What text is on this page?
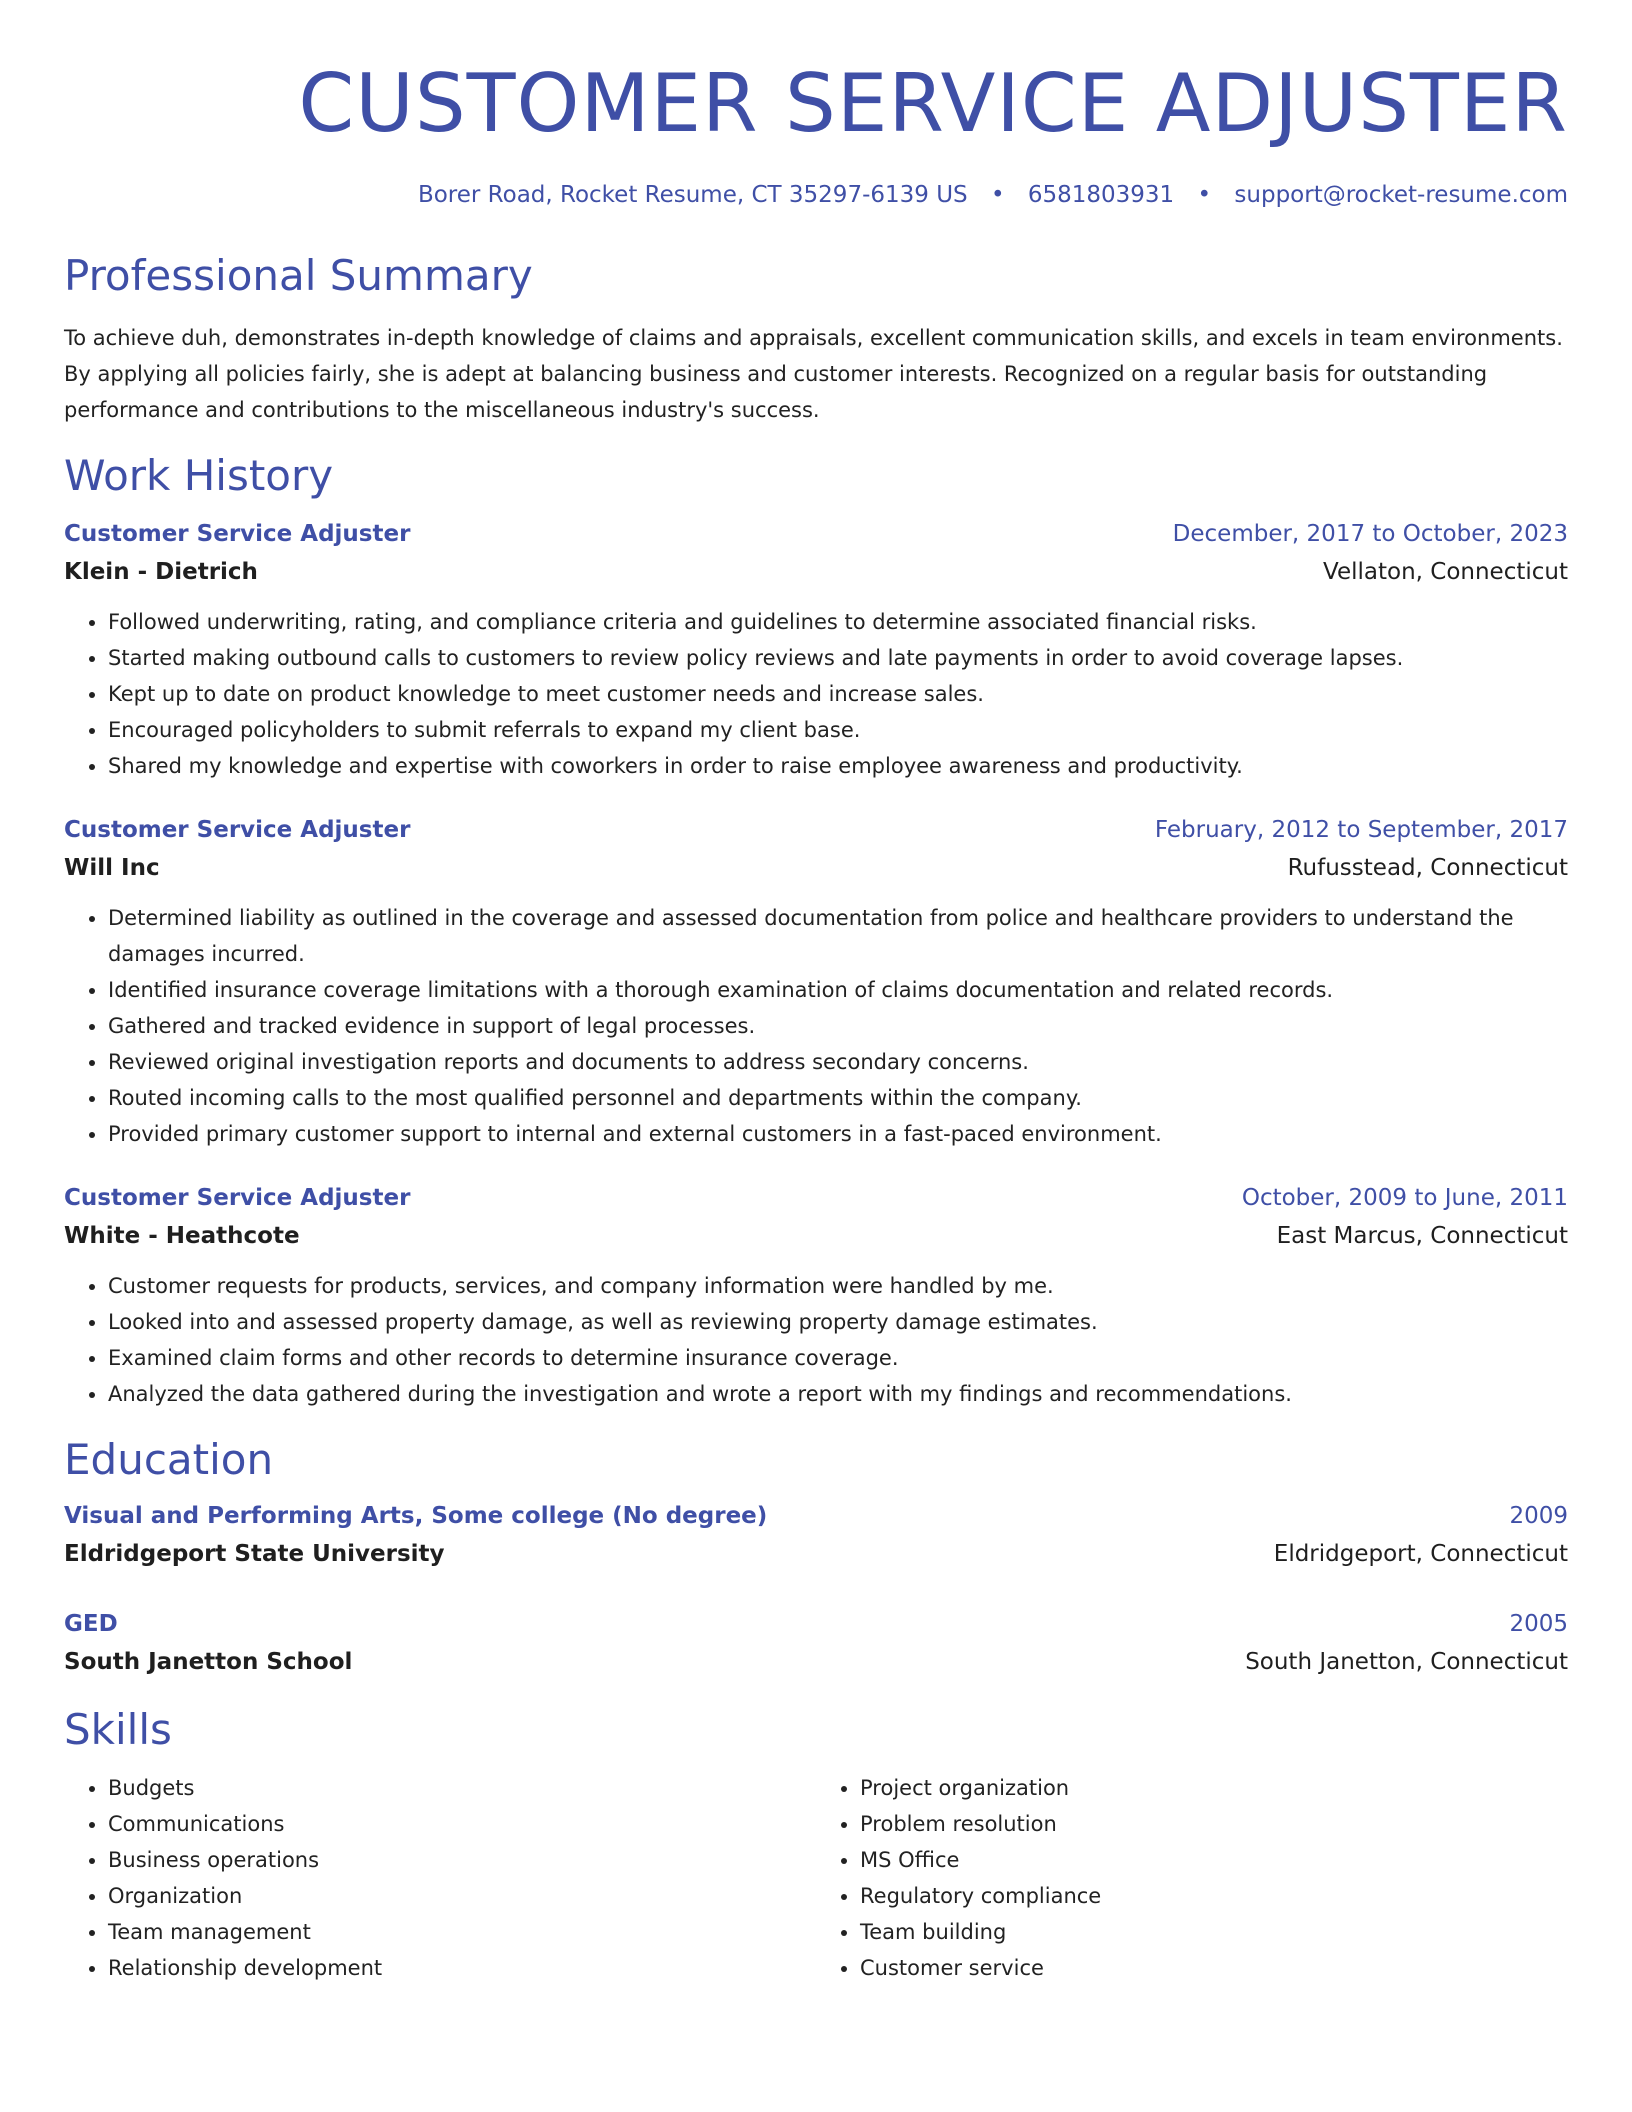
CUSTOMER SERVICE ADJUSTER
Borer Road, Rocket Resume, CT 35297-6139 US • 6581803931 • support@rocket-resume.com
Professional Summary

To achieve duh, demonstrates in-depth knowledge of claims and appraisals, excellent communication skills, and excels in team environments. By applying all policies fairly, she is adept at balancing business and customer interests. Recognized on a regular basis for outstanding performance and contributions to the miscellaneous industry's success.

Work History
Customer Service Adjuster	December, 2017 to October, 2023
Klein - Dietrich	Vellaton, Connecticut
• Followed underwriting, rating, and compliance criteria and guidelines to determine associated financial risks.
• Started making outbound calls to customers to review policy reviews and late payments in order to avoid coverage lapses.
• Kept up to date on product knowledge to meet customer needs and increase sales.
• Encouraged policyholders to submit referrals to expand my client base.
• Shared my knowledge and expertise with coworkers in order to raise employee awareness and productivity.
Customer Service Adjuster	February, 2012 to September, 2017
Will Inc	Rufusstead, Connecticut
• Determined liability as outlined in the coverage and assessed documentation from police and healthcare providers to understand the damages incurred.
• Identified insurance coverage limitations with a thorough examination of claims documentation and related records.
• Gathered and tracked evidence in support of legal processes.
• Reviewed original investigation reports and documents to address secondary concerns.
• Routed incoming calls to the most qualified personnel and departments within the company.
• Provided primary customer support to internal and external customers in a fast-paced environment.
Customer Service Adjuster	October, 2009 to June, 2011
White - Heathcote	East Marcus, Connecticut
• Customer requests for products, services, and company information were handled by me.
• Looked into and assessed property damage, as well as reviewing property damage estimates.
• Examined claim forms and other records to determine insurance coverage.
• Analyzed the data gathered during the investigation and wrote a report with my findings and recommendations.
Education
Visual and Performing Arts, Some college (No degree)	2009
Eldridgeport State University	Eldridgeport, Connecticut
GED	2005
South Janetton School	South Janetton, Connecticut
Skills
• Budgets
• Communications
• Business operations
• Organization
• Team management
• Relationship development
• Project organization
• Problem resolution
• MS Office
• Regulatory compliance
• Team building
• Customer service
